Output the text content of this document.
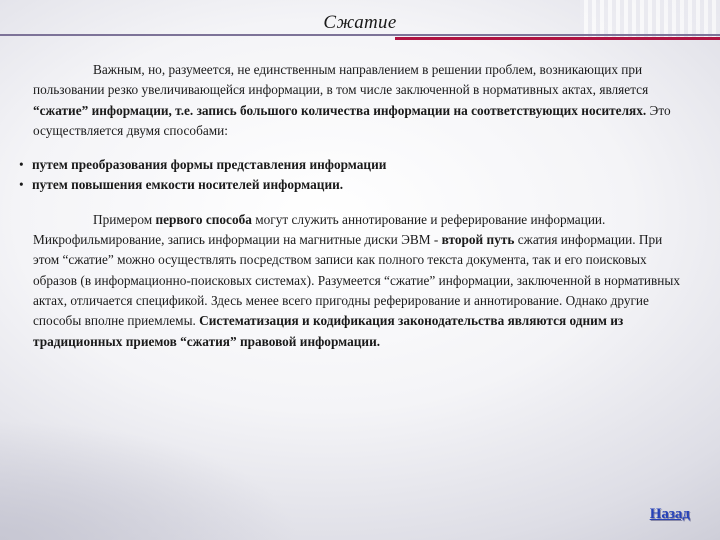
Сжатие

Важным, но, разумеется, не единственным направлением в решении проблем, возникающих при пользовании резко увеличивающейся информации, в том числе заключенной в нормативных актах, является “сжатие” информации, т.е. запись большого количества информации на соответствующих носителях. Это осуществляется двумя способами:

• путем преобразования формы представления информации
• путем повышения емкости носителей информации.

Примером первого способа могут служить аннотирование и реферирование информации. Микрофильмирование, запись информации на магнитные диски ЭВМ - второй путь сжатия информации. При этом “сжатие” можно осуществлять посредством записи как полного текста документа, так и его поисковых образов (в информационно-поисковых системах). Разумеется “сжатие” информации, заключенной в нормативных актах, отличается спецификой. Здесь менее всего пригодны реферирование и аннотирование. Однако другие способы вполне приемлемы. Систематизация и кодификация законодательства являются одним из традиционных приемов “сжатия” правовой информации.

Назад
